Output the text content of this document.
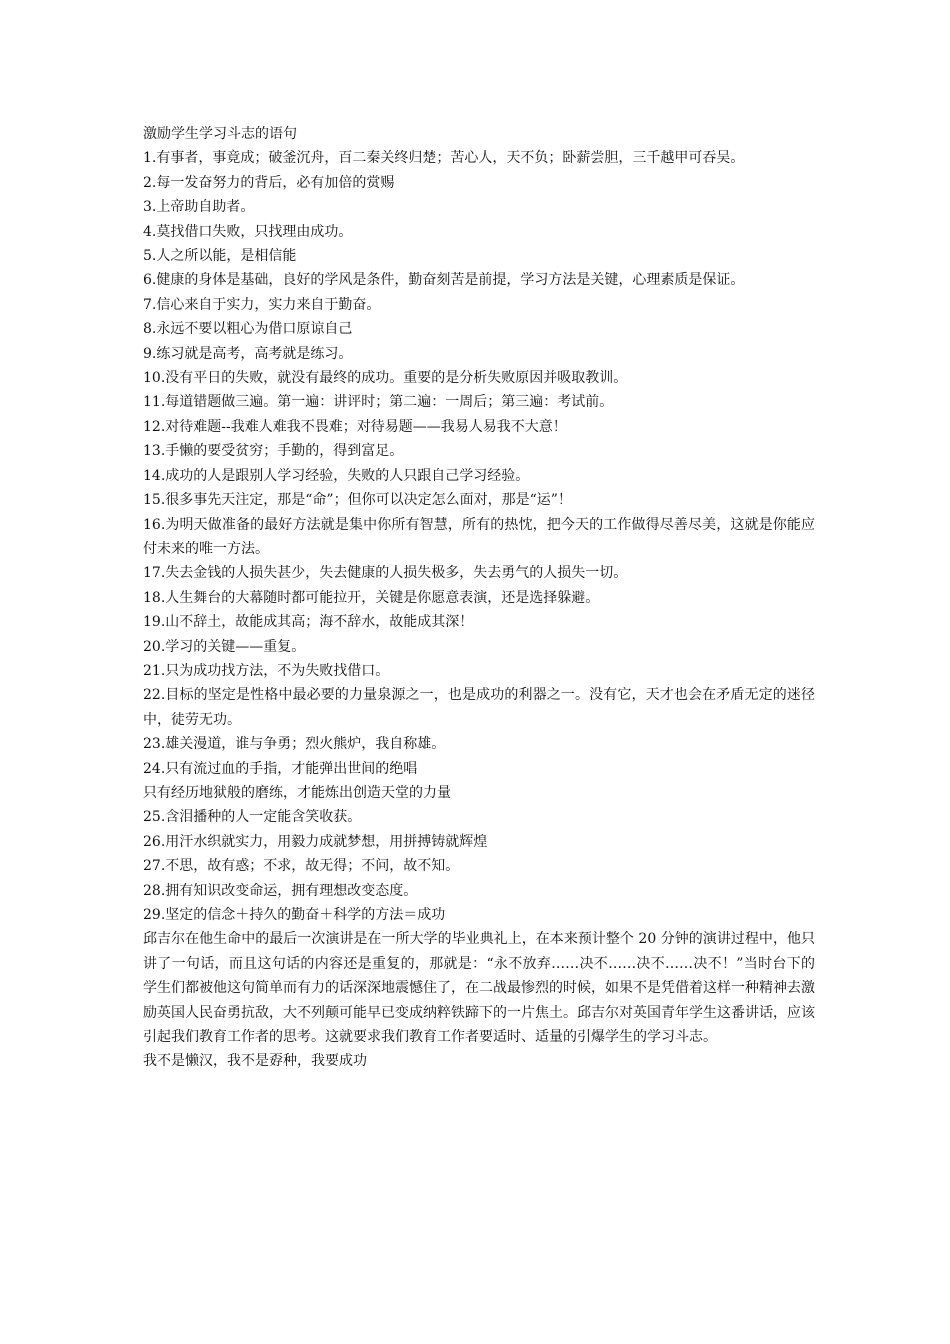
激励学生学习斗志的语句

1.有事者，事竟成；破釜沉舟，百二秦关终归楚；苦心人，天不负；卧薪尝胆，三千越甲可吞吴。

2.每一发奋努力的背后，必有加倍的赏赐

3.上帝助自助者。

4.莫找借口失败，只找理由成功。

5.人之所以能，是相信能

6.健康的身体是基础，良好的学风是条件，勤奋刻苦是前提，学习方法是关键，心理素质是保证。

7.信心来自于实力，实力来自于勤奋。

8.永远不要以粗心为借口原谅自己

9.练习就是高考，高考就是练习。

10.没有平日的失败，就没有最终的成功。重要的是分析失败原因并吸取教训。

11.每道错题做三遍。第一遍：讲评时；第二遍：一周后；第三遍：考试前。

12.对待难题--我难人难我不畏难；对待易题——我易人易我不大意！

13.手懒的要受贫穷；手勤的，得到富足。

14.成功的人是跟别人学习经验，失败的人只跟自己学习经验。

15.很多事先天注定，那是“命”；但你可以决定怎么面对，那是“运”！

16.为明天做准备的最好方法就是集中你所有智慧，所有的热忱，把今天的工作做得尽善尽美，这就是你能应付未来的唯一方法。

17.失去金钱的人损失甚少，失去健康的人损失极多，失去勇气的人损失一切。

18.人生舞台的大幕随时都可能拉开，关键是你愿意表演，还是选择躲避。

19.山不辞土，故能成其高；海不辞水，故能成其深！

20.学习的关键——重复。

21.只为成功找方法，不为失败找借口。

22.目标的坚定是性格中最必要的力量泉源之一，也是成功的利器之一。没有它，天才也会在矛盾无定的迷径中，徒劳无功。

23.雄关漫道，谁与争勇；烈火熊炉，我自称雄。

24.只有流过血的手指，才能弹出世间的绝唱

只有经历地狱般的磨练，才能炼出创造天堂的力量

25.含泪播种的人一定能含笑收获。

26.用汗水织就实力，用毅力成就梦想，用拼搏铸就辉煌

27.不思，故有惑；不求，故无得；不问，故不知。

28.拥有知识改变命运，拥有理想改变态度。

29.坚定的信念＋持久的勤奋＋科学的方法＝成功

邱吉尔在他生命中的最后一次演讲是在一所大学的毕业典礼上，在本来预计整个 20 分钟的演讲过程中，他只讲了一句话，而且这句话的内容还是重复的，那就是：“永不放弃……决不……决不……决不！”当时台下的学生们都被他这句简单而有力的话深深地震憾住了，在二战最惨烈的时候，如果不是凭借着这样一种精神去激励英国人民奋勇抗敌，大不列颠可能早已变成纳粹铁蹄下的一片焦土。邱吉尔对英国青年学生这番讲话，应该引起我们教育工作者的思考。这就要求我们教育工作者要适时、适量的引爆学生的学习斗志。

我不是懒汉，我不是孬种，我要成功
